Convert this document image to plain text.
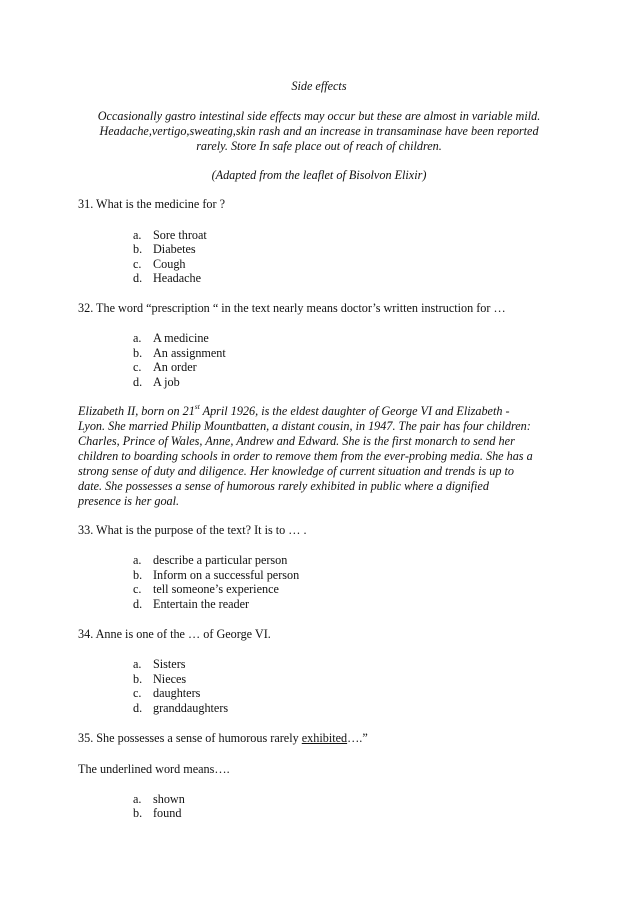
Side effects
Occasionally gastro intestinal side effects may occur but these are almost in variable mild.
Headache,vertigo,sweating,skin rash and an increase in transaminase have been reported
rarely. Store In safe place out of reach of children.
(Adapted from the leaflet of Bisolvon Elixir)
31. What is the medicine for ?
a. Sore throat
b. Diabetes
c. Cough
d. Headache
32. The word “prescription “ in the text nearly means doctor’s written instruction for …
a. A medicine
b. An assignment
c. An order
d. A job
Elizabeth II, born on 21st April 1926, is the eldest daughter of George VI and Elizabeth -
Lyon. She married Philip Mountbatten, a distant cousin, in 1947. The pair has four children:
Charles, Prince of Wales, Anne, Andrew and Edward. She is the first monarch to send her
children to boarding schools in order to remove them from the ever-probing media. She has a
strong sense of duty and diligence. Her knowledge of current situation and trends is up to
date. She possesses a sense of humorous rarely exhibited in public where a dignified
presence is her goal.
33. What is the purpose of the text? It is to … .
a. describe a particular person
b. Inform on a successful person
c. tell someone’s experience
d. Entertain the reader
34. Anne is one of the … of George VI.
a. Sisters
b. Nieces
c. daughters
d. granddaughters
35. She possesses a sense of humorous rarely exhibited….”
The underlined word means….
a. shown
b. found
